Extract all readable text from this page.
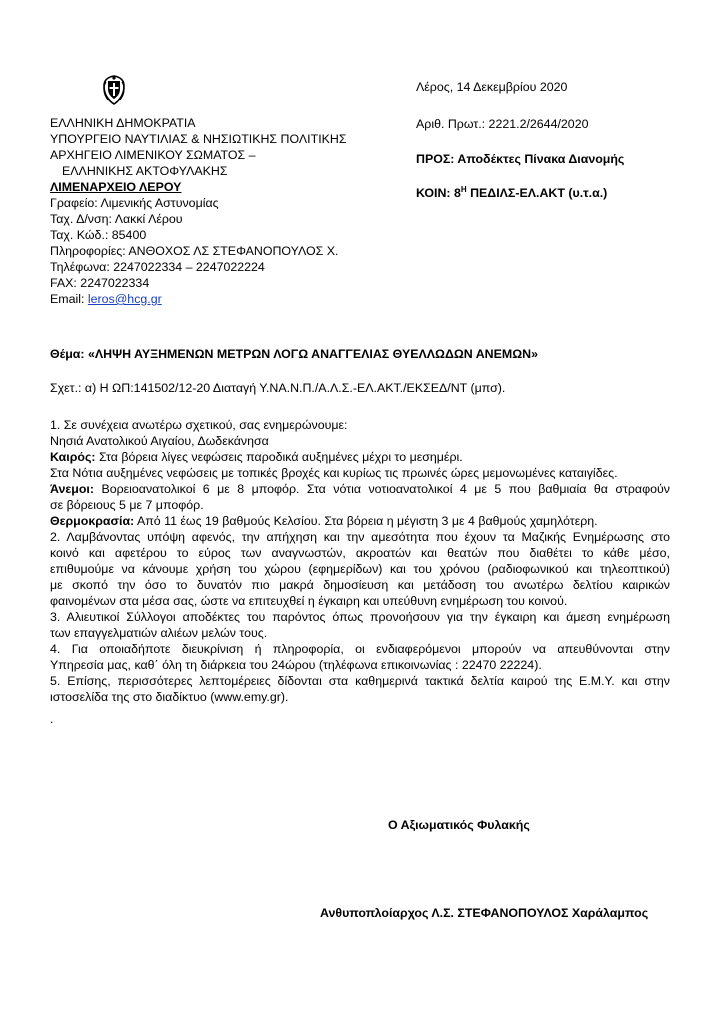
ΕΛΛΗΝΙΚΗ ΔΗΜΟΚΡΑΤΙΑ
ΥΠΟΥΡΓΕΙΟ ΝΑΥΤΙΛΙΑΣ & ΝΗΣΙΩΤΙΚΗΣ ΠΟΛΙΤΙΚΗΣ
ΑΡΧΗΓΕΙΟ ΛΙΜΕΝΙΚΟΥ ΣΩΜΑΤΟΣ –
ΕΛΛΗΝΙΚΗΣ ΑΚΤΟΦΥΛΑΚΗΣ
ΛΙΜΕΝΑΡΧΕΙΟ ΛΕΡΟΥ
Γραφείο: Λιμενικής Αστυνομίας
Ταχ. Δ/νση: Λακκί Λέρου
Ταχ. Κώδ.: 85400
Πληροφορίες: ΑΝΘΟΧΟΣ ΛΣ ΣΤΕΦΑΝΟΠΟΥΛΟΣ Χ.
Τηλέφωνα: 2247022334 – 2247022224
FAX: 2247022334
Email: leros@hcg.gr
Λέρος, 14 Δεκεμβρίου 2020
Αριθ. Πρωτ.: 2221.2/2644/2020
ΠΡΟΣ: Αποδέκτες Πίνακα Διανομής
ΚΟΙΝ: $8^H$ ΠΕΔΙΛΣ-ΕΛ.ΑΚΤ (υ.τ.α.)
Θέμα: «ΛΗΨΗ ΑΥΞΗΜΕΝΩΝ ΜΕΤΡΩΝ ΛΟΓΩ ΑΝΑΓΓΕΛΙΑΣ ΘΥΕΛΛΩΔΩΝ ΑΝΕΜΩΝ»
Σχετ.: α) Η ΩΠ:141502/12-20 Διαταγή Υ.ΝΑ.Ν.Π./Α.Λ.Σ.-ΕΛ.ΑΚΤ./ΕΚΣΕΔ/ΝΤ (μπσ).
1. Σε συνέχεια ανωτέρω σχετικού, σας ενημερώνουμε:
Νησιά Ανατολικού Αιγαίου, Δωδεκάνησα
Καιρός: Στα βόρεια λίγες νεφώσεις παροδικά αυξημένες μέχρι το μεσημέρι.
Στα Νότια αυξημένες νεφώσεις με τοπικές βροχές και κυρίως τις πρωινές ώρες μεμονωμένες καταιγίδες.
Άνεμοι: Βορειοανατολικοί 6 με 8 μποφόρ. Στα νότια νοτιοανατολικοί 4 με 5 που βαθμιαία θα στραφούν
σε βόρειους 5 με 7 μποφόρ.
Θερμοκρασία: Από 11 έως 19 βαθμούς Κελσίου. Στα βόρεια η μέγιστη 3 με 4 βαθμούς χαμηλότερη.
2. Λαμβάνοντας υπόψη αφενός, την απήχηση και την αμεσότητα που έχουν τα Μαζικής Ενημέρωσης στο
κοινό και αφετέρου το εύρος των αναγνωστών, ακροατών και θεατών που διαθέτει το κάθε μέσο,
επιθυμούμε να κάνουμε χρήση του χώρου (εφημερίδων) και του χρόνου (ραδιοφωνικού και τηλεοπτικού)
με σκοπό την όσο το δυνατόν πιο μακρά δημοσίευση και μετάδοση του ανωτέρω δελτίου καιρικών
φαινομένων στα μέσα σας, ώστε να επιτευχθεί η έγκαιρη και υπεύθυνη ενημέρωση του κοινού.
3. Αλιευτικοί Σύλλογοι αποδέκτες του παρόντος όπως προνοήσουν για την έγκαιρη και άμεση ενημέρωση
των επαγγελματιών αλιέων μελών τους.
4. Για οποιαδήποτε διευκρίνιση ή πληροφορία, οι ενδιαφερόμενοι μπορούν να απευθύνονται στην
Υπηρεσία μας, καθ΄ όλη τη διάρκεια του 24ώρου (τηλέφωνα επικοινωνίας : 22470 22224).
5. Επίσης, περισσότερες λεπτομέρειες δίδονται στα καθημερινά τακτικά δελτία καιρού της Ε.Μ.Υ. και στην
ιστοσελίδα της στο διαδίκτυο (www.emy.gr).
.
Ο Αξιωματικός Φυλακής
Ανθυποπλοίαρχος Λ.Σ. ΣΤΕΦΑΝΟΠΟΥΛΟΣ Χαράλαμπος
